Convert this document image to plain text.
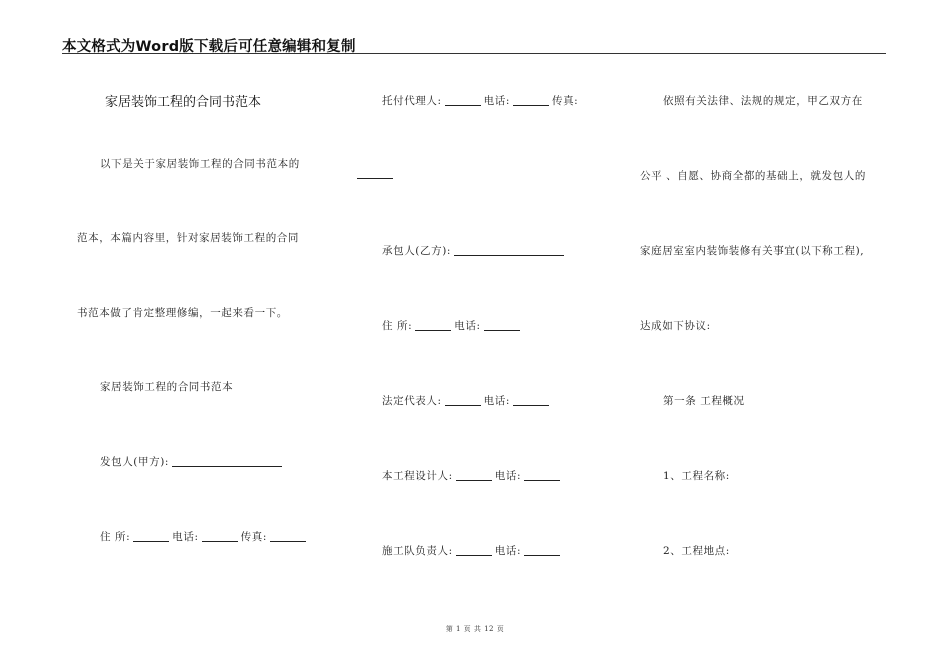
本文格式为Word版下载后可任意编辑和复制
家居装饰工程的合同书范本
以下是关于家居装饰工程的合同书范本的
范本，本篇内容里，针对家居装饰工程的合同
书范本做了肯定整理修编，一起来看一下。
家居装饰工程的合同书范本
发包人(甲方):
住 所:	电话:	传真:
托付代理人:	电话:	传真:
承包人(乙方):
住 所:	电话:
法定代表人:	电话:
本工程设计人:	电话:
施工队负责人:	电话:
依照有关法律、法规的规定，甲乙双方在
公平 、自愿、协商全都的基础上，就发包人的
家庭居室室内装饰装修有关事宜(以下称工程),
达成如下协议:
第一条 工程概况
1、工程名称:
2、工程地点:
第 1 页 共 12 页
